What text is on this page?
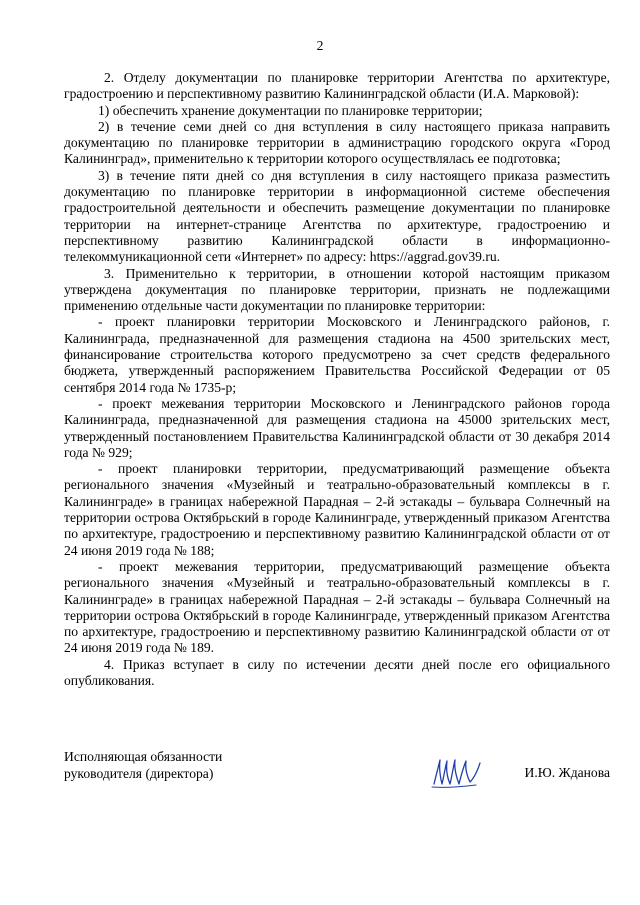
2

2. Отделу документации по планировке территории Агентства по архитектуре, градостроению и перспективному развитию Калининградской области (И.А. Марковой):

1) обеспечить хранение документации по планировке территории;

2) в течение семи дней со дня вступления в силу настоящего приказа направить документацию по планировке территории в администрацию городского округа «Город Калининград», применительно к территории которого осуществлялась ее подготовка;

3) в течение пяти дней со дня вступления в силу настоящего приказа разместить документацию по планировке территории в информационной системе обеспечения градостроительной деятельности и обеспечить размещение документации по планировке территории на интернет-странице Агентства по архитектуре, градостроению и перспективному развитию Калининградской области в информационно-телекоммуникационной сети «Интернет» по адресу: https://aggrad.gov39.ru.

3. Применительно к территории, в отношении которой настоящим приказом утверждена документация по планировке территории, признать не подлежащими применению отдельные части документации по планировке территории:

- проект планировки территории Московского и Ленинградского районов, г. Калининграда, предназначенной для размещения стадиона на 4500 зрительских мест, финансирование строительства которого предусмотрено за счет средств федерального бюджета, утвержденный распоряжением Правительства Российской Федерации от 05 сентября 2014 года № 1735-р;

- проект межевания территории Московского и Ленинградского районов города Калининграда, предназначенной для размещения стадиона на 45000 зрительских мест, утвержденный постановлением Правительства Калининградской области от 30 декабря 2014 года № 929;

- проект планировки территории, предусматривающий размещение объекта регионального значения «Музейный и театрально-образовательный комплексы в г. Калининграде» в границах набережной Парадная – 2-й эстакады – бульвара Солнечный на территории острова Октябрьский в городе Калининграде, утвержденный приказом Агентства по архитектуре, градостроению и перспективному развитию Калининградской области от от 24 июня 2019 года № 188;

- проект межевания территории, предусматривающий размещение объекта регионального значения «Музейный и театрально-образовательный комплексы в г. Калининграде» в границах набережной Парадная – 2-й эстакады – бульвара Солнечный на территории острова Октябрьский в городе Калининграде, утвержденный приказом Агентства по архитектуре, градостроению и перспективному развитию Калининградской области от от 24 июня 2019 года № 189.

4. Приказ вступает в силу по истечении десяти дней после его официального опубликования.

Исполняющая обязанности
руководителя (директора)	И.Ю. Жданова
